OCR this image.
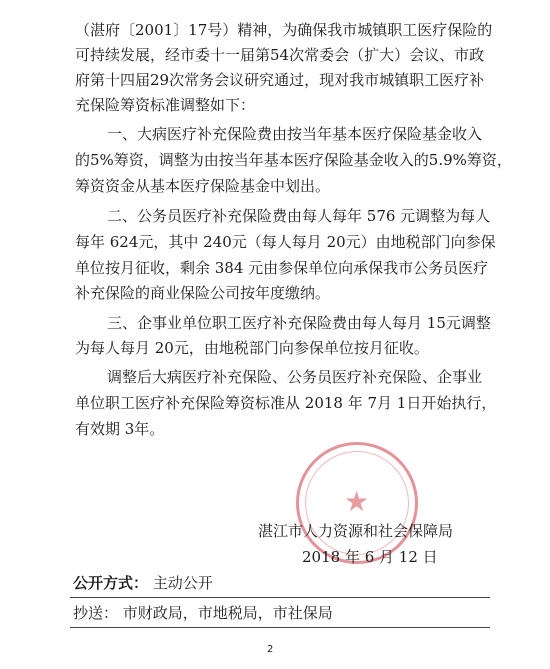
（湛府〔2001〕17号）精神，为确保我市城镇职工医疗保险的
可持续发展，经市委十一届第54次常委会（扩大）会议、市政
府第十四届29次常务会议研究通过，现对我市城镇职工医疗补
充保险筹资标准调整如下：
一、大病医疗补充保险费由按当年基本医疗保险基金收入
的5%筹资，调整为由按当年基本医疗保险基金收入的5.9%筹资，
筹资资金从基本医疗保险基金中划出。
二、公务员医疗补充保险费由每人每年 576 元调整为每人
每年 624元，其中 240元（每人每月 20元）由地税部门向参保
单位按月征收，剩余 384 元由参保单位向承保我市公务员医疗
补充保险的商业保险公司按年度缴纳。
三、企事业单位职工医疗补充保险费由每人每月 15元调整
为每人每月 20元，由地税部门向参保单位按月征收。
调整后大病医疗补充保险、公务员医疗补充保险、企事业
单位职工医疗补充保险筹资标准从 2018 年 7月 1日开始执行，
有效期 3年。
★
湛江市人力资源和社会保障局
2018 年 6 月 12 日
公开方式： 主动公开
抄送： 市财政局，市地税局，市社保局
2
